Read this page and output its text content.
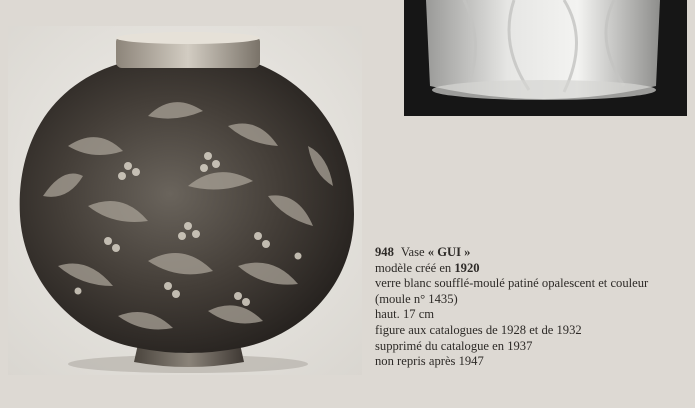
948 Vase « GUI »
modèle créé en 1920
verre blanc soufflé-moulé patiné opalescent et couleur
(moule n° 1435)
haut. 17 cm
figure aux catalogues de 1928 et de 1932
supprimé du catalogue en 1937
non repris après 1947
